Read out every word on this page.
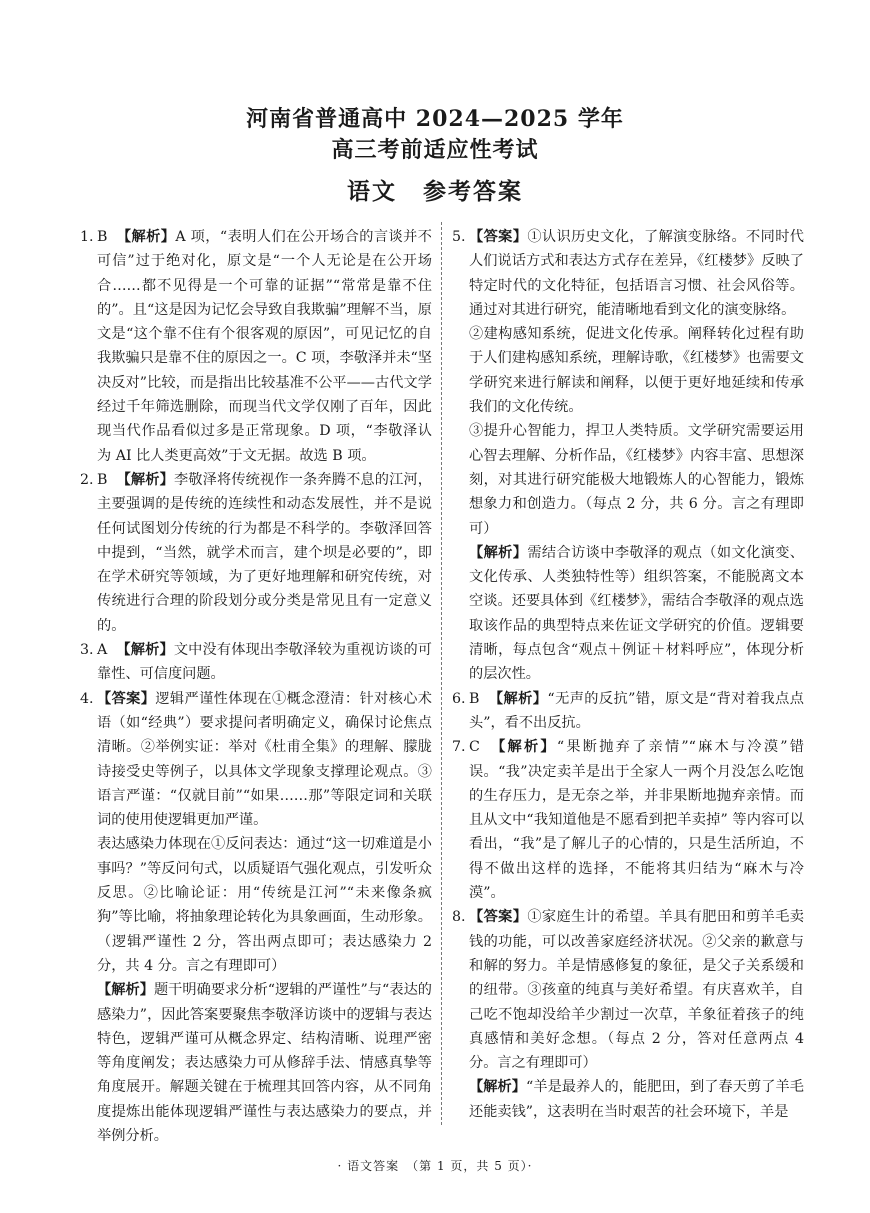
河南省普通高中 2024—2025 学年
高三考前适应性考试
语文 参考答案
1. B 【解析】A 项，“表明人们在公开场合的言谈并不可信”过于绝对化，原文是“一个人无论是在公开场合……都不见得是一个可靠的证据”“常常是靠不住的”。且“这是因为记忆会导致自我欺骗”理解不当，原文是“这个靠不住有个很客观的原因”，可见记忆的自我欺骗只是靠不住的原因之一。C 项，李敬泽并未“坚决反对”比较，而是指出比较基准不公平——古代文学经过千年筛选删除，而现当代文学仅刚了百年，因此现当代作品看似过多是正常现象。D 项，“李敬泽认为 AI 比人类更高效”于文无据。故选 B 项。
2. B 【解析】李敬泽将传统视作一条奔腾不息的江河，主要强调的是传统的连续性和动态发展性，并不是说任何试图划分传统的行为都是不科学的。李敬泽回答中提到，“当然，就学术而言，建个坝是必要的”，即在学术研究等领域，为了更好地理解和研究传统，对传统进行合理的阶段划分或分类是常见且有一定意义的。
3. A 【解析】文中没有体现出李敬泽较为重视访谈的可靠性、可信度问题。
4. 【答案】逻辑严谨性体现在①概念澄清：针对核心术语（如“经典”）要求提问者明确定义，确保讨论焦点清晰。②举例实证：举对《杜甫全集》的理解、朦胧诗接受史等例子，以具体文学现象支撑理论观点。③语言严谨：“仅就目前”“如果……那”等限定词和关联词的使用使逻辑更加严谨。
表达感染力体现在①反问表达：通过“这一切难道是小事吗？”等反问句式，以质疑语气强化观点，引发听众反思。②比喻论证：用“传统是江河”“未来像条疯狗”等比喻，将抽象理论转化为具象画面，生动形象。（逻辑严谨性 2 分，答出两点即可；表达感染力 2 分，共 4 分。言之有理即可）
【解析】题干明确要求分析“逻辑的严谨性”与“表达的感染力”，因此答案要聚焦李敬泽访谈中的逻辑与表达特色，逻辑严谨可从概念界定、结构清晰、说理严密等角度阐发；表达感染力可从修辞手法、情感真挚等角度展开。解题关键在于梳理其回答内容，从不同角度提炼出能体现逻辑严谨性与表达感染力的要点，并举例分析。
5. 【答案】①认识历史文化，了解演变脉络。不同时代人们说话方式和表达方式存在差异，《红楼梦》反映了特定时代的文化特征，包括语言习惯、社会风俗等。通过对其进行研究，能清晰地看到文化的演变脉络。
②建构感知系统，促进文化传承。阐释转化过程有助于人们建构感知系统，理解诗歌，《红楼梦》也需要文学研究来进行解读和阐释，以便于更好地延续和传承我们的文化传统。
③提升心智能力，捍卫人类特质。文学研究需要运用心智去理解、分析作品，《红楼梦》内容丰富、思想深刻，对其进行研究能极大地锻炼人的心智能力，锻炼想象力和创造力。（每点 2 分，共 6 分。言之有理即可）
【解析】需结合访谈中李敬泽的观点（如文化演变、文化传承、人类独特性等）组织答案，不能脱离文本空谈。还要具体到《红楼梦》，需结合李敬泽的观点选取该作品的典型特点来佐证文学研究的价值。逻辑要清晰，每点包含“观点＋例证＋材料呼应”，体现分析的层次性。
6. B 【解析】“无声的反抗”错，原文是“背对着我点点头”，看不出反抗。
7. C 【解析】“果断抛弃了亲情”“麻木与冷漠”错误。“我”决定卖羊是出于全家人一两个月没怎么吃饱的生存压力，是无奈之举，并非果断地抛弃亲情。而且从文中“我知道他是不愿看到把羊卖掉” 等内容可以看出，“我”是了解儿子的心情的，只是生活所迫，不得不做出这样的选择，不能将其归结为“麻木与冷漠”。
8. 【答案】①家庭生计的希望。羊具有肥田和剪羊毛卖钱的功能，可以改善家庭经济状况。②父亲的歉意与和解的努力。羊是情感修复的象征，是父子关系缓和的纽带。③孩童的纯真与美好希望。有庆喜欢羊，自己吃不饱却没给羊少割过一次草，羊象征着孩子的纯真感情和美好念想。（每点 2 分，答对任意两点 4 分。言之有理即可）
【解析】“羊是最养人的，能肥田，到了春天剪了羊毛还能卖钱”，这表明在当时艰苦的社会环境下，羊是
· 语文答案　（第 1 页，共 5 页）·
